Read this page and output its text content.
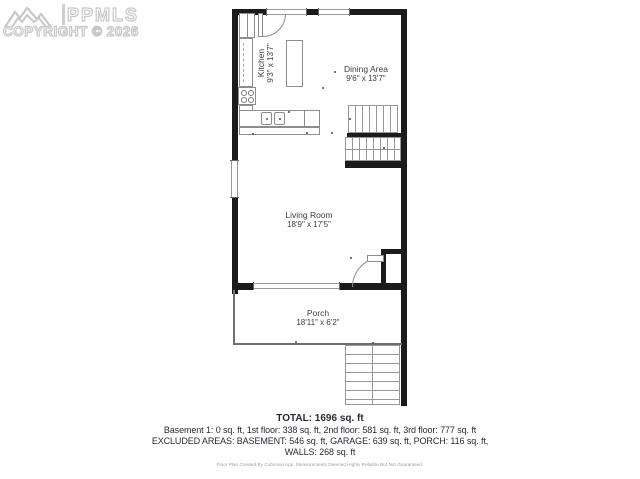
PPMLS
COPYRIGHT © 2026
Kitchen 9'3" x 13'7"	Dining Area
9'6" x 13'7"
Living Room
18'9" x 17'5"
Porch
18'11" x 6'2"
TOTAL: 1696 sq. ft
Basement 1: 0 sq. ft, 1st floor: 338 sq. ft, 2nd floor: 581 sq. ft, 3rd floor: 777 sq. ft
EXCLUDED AREAS: BASEMENT: 546 sq. ft, GARAGE: 639 sq. ft, PORCH: 116 sq. ft,
WALLS: 268 sq. ft
Floor Plan Created By Cubicasa App. Measurements Deemed Highly Reliable But Not Guaranteed.
